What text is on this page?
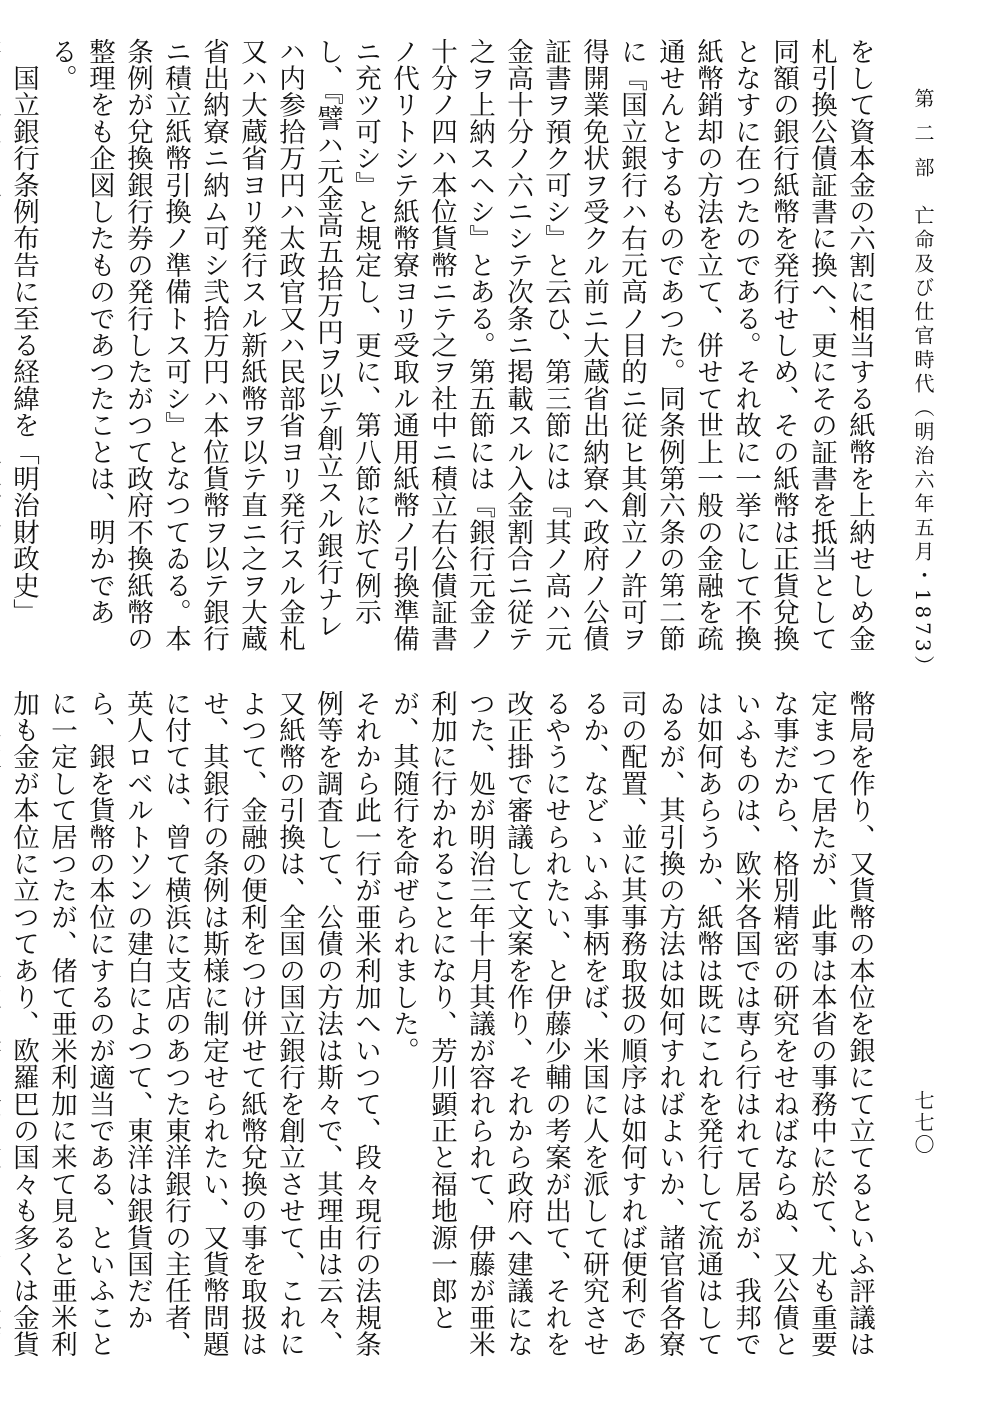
第 二 部　亡命及び仕官時代（明治六年五月・1873）
七七〇

をして資本金の六割に相当する紙幣を上納せしめ金札引換公債証書に換へ、更にその証書を抵当として同額の銀行紙幣を発行せしめ、その紙幣は正貨兌換となすに在つたのである。それ故に一挙にして不換紙幣銷却の方法を立て、併せて世上一般の金融を疏通せんとするものであつた。同条例第六条の第二節に『国立銀行ハ右元高ノ目的ニ従ヒ其創立ノ許可ヲ得開業免状ヲ受クル前ニ大蔵省出納寮へ政府ノ公債証書ヲ預ク可シ』と云ひ、第三節には『其ノ高ハ元金高十分ノ六ニシテ次条ニ掲載スル入金割合ニ従テ之ヲ上納スヘシ』とある。第五節には『銀行元金ノ十分ノ四ハ本位貨幣ニテ之ヲ社中ニ積立右公債証書ノ代リトシテ紙幣寮ヨリ受取ル通用紙幣ノ引換準備ニ充ツ可シ』と規定し、更に、第八節に於て例示し、『譬ハ元金高五拾万円ヲ以テ創立スル銀行ナレハ内参拾万円ハ太政官又ハ民部省ヨリ発行スル金札又ハ大蔵省ヨリ発行スル新紙幣ヲ以テ直ニ之ヲ大蔵省出納寮ニ納ム可シ弐拾万円ハ本位貨幣ヲ以テ銀行ニ積立紙幣引換ノ準備トス可シ』となつてゐる。本条例が兌換銀行券の発行したがつて政府不換紙幣の整理をも企図したものであつたことは、明かである。

　国立銀行条例布告に至る経緯を「明治財政史」

幣局を作り、又貨幣の本位を銀にて立てるといふ評議は定まつて居たが、此事は本省の事務中に於て、尤も重要な事だから、格別精密の研究をせねばならぬ、又公債といふものは、欧米各国では専ら行はれて居るが、我邦では如何あらうか、紙幣は既にこれを発行して流通はしてゐるが、其引換の方法は如何すればよいか、諸官省各寮司の配置、並に其事務取扱の順序は如何すれば便利であるか、などゝいふ事柄をば、米国に人を派して研究させるやうにせられたい、と伊藤少輔の考案が出て、それを改正掛で審議して文案を作り、それから政府へ建議になつた、処が明治三年十月其議が容れられて、伊藤が亜米利加に行かれることになり、芳川顕正と福地源一郎とが、其随行を命ぜられました。

それから此一行が亜米利加へいつて、段々現行の法規条例等を調査して、公債の方法は斯々で、其理由は云々、又紙幣の引換は、全国の国立銀行を創立させて、これによつて、金融の便利をつけ併せて紙幣兌換の事を取扱はせ、其銀行の条例は斯様に制定せられたい、又貨幣問題に付ては、曾て横浜に支店のあつた東洋銀行の主任者、英人ロベルトソンの建白によつて、東洋は銀貨国だから、銀を貨幣の本位にするのが適当である、といふことに一定して居つたが、偖て亜米利加に来て見ると亜米利加も金が本位に立つてあり、欧羅巴の国々も多くは金貨
